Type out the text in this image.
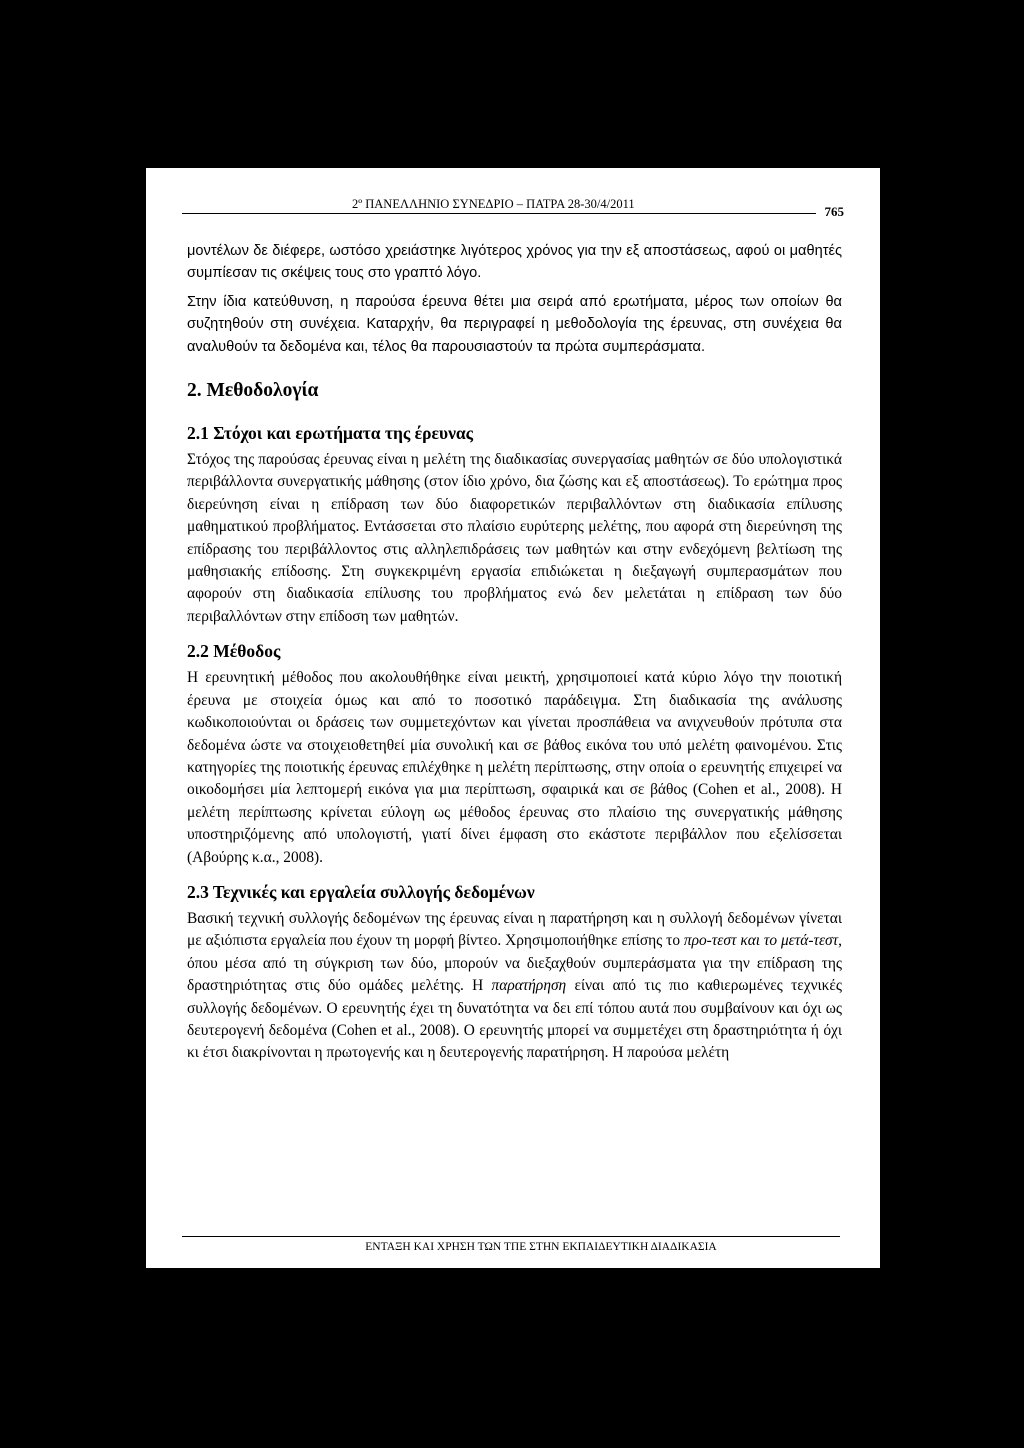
2º ΠΑΝΕΛΛΗΝΙΟ ΣΥΝΕΔΡΙΟ – ΠΑΤΡΑ 28-30/4/2011	765

μοντέλων δε διέφερε, ωστόσο χρειάστηκε λιγότερος χρόνος για την εξ αποστάσεως, αφού οι μαθητές συμπίεσαν τις σκέψεις τους στο γραπτό λόγο.

Στην ίδια κατεύθυνση, η παρούσα έρευνα θέτει μια σειρά από ερωτήματα, μέρος των οποίων θα συζητηθούν στη συνέχεια. Καταρχήν, θα περιγραφεί η μεθοδολογία της έρευνας, στη συνέχεια θα αναλυθούν τα δεδομένα και, τέλος θα παρουσιαστούν τα πρώτα συμπεράσματα.

2. Μεθοδολογία
2.1 Στόχοι και ερωτήματα της έρευνας

Στόχος της παρούσας έρευνας είναι η μελέτη της διαδικασίας συνεργασίας μαθητών σε δύο υπολογιστικά περιβάλλοντα συνεργατικής μάθησης (στον ίδιο χρόνο, δια ζώσης και εξ αποστάσεως). Το ερώτημα προς διερεύνηση είναι η επίδραση των δύο διαφορετικών περιβαλλόντων στη διαδικασία επίλυσης μαθηματικού προβλήματος. Εντάσσεται στο πλαίσιο ευρύτερης μελέτης, που αφορά στη διερεύνηση της επίδρασης του περιβάλλοντος στις αλληλεπιδράσεις των μαθητών και στην ενδεχόμενη βελτίωση της μαθησιακής επίδοσης. Στη συγκεκριμένη εργασία επιδιώκεται η διεξαγωγή συμπερασμάτων που αφορούν στη διαδικασία επίλυσης του προβλήματος ενώ δεν μελετάται η επίδραση των δύο περιβαλλόντων στην επίδοση των μαθητών.

2.2 Μέθοδος

Η ερευνητική μέθοδος που ακολουθήθηκε είναι μεικτή, χρησιμοποιεί κατά κύριο λόγο την ποιοτική έρευνα με στοιχεία όμως και από το ποσοτικό παράδειγμα. Στη διαδικασία της ανάλυσης κωδικοποιούνται οι δράσεις των συμμετεχόντων και γίνεται προσπάθεια να ανιχνευθούν πρότυπα στα δεδομένα ώστε να στοιχειοθετηθεί μία συνολική και σε βάθος εικόνα του υπό μελέτη φαινομένου. Στις κατηγορίες της ποιοτικής έρευνας επιλέχθηκε η μελέτη περίπτωσης, στην οποία ο ερευνητής επιχειρεί να οικοδομήσει μία λεπτομερή εικόνα για μια περίπτωση, σφαιρικά και σε βάθος (Cohen et al., 2008). Η μελέτη περίπτωσης κρίνεται εύλογη ως μέθοδος έρευνας στο πλαίσιο της συνεργατικής μάθησης υποστηριζόμενης από υπολογιστή, γιατί δίνει έμφαση στο εκάστοτε περιβάλλον που εξελίσσεται (Αβούρης κ.α., 2008).

2.3 Τεχνικές και εργαλεία συλλογής δεδομένων

Βασική τεχνική συλλογής δεδομένων της έρευνας είναι η παρατήρηση και η συλλογή δεδομένων γίνεται με αξιόπιστα εργαλεία που έχουν τη μορφή βίντεο. Χρησιμοποιήθηκε επίσης το προ-τεστ και το μετά-τεστ, όπου μέσα από τη σύγκριση των δύο, μπορούν να διεξαχθούν συμπεράσματα για την επίδραση της δραστηριότητας στις δύο ομάδες μελέτης. Η παρατήρηση είναι από τις πιο καθιερωμένες τεχνικές συλλογής δεδομένων. Ο ερευνητής έχει τη δυνατότητα να δει επί τόπου αυτά που συμβαίνουν και όχι ως δευτερογενή δεδομένα (Cohen et al., 2008). Ο ερευνητής μπορεί να συμμετέχει στη δραστηριότητα ή όχι κι έτσι διακρίνονται η πρωτογενής και η δευτερογενής παρατήρηση. Η παρούσα μελέτη

ΕΝΤΑΞΗ ΚΑΙ ΧΡΗΣΗ ΤΩΝ ΤΠΕ ΣΤΗΝ ΕΚΠΑΙΔΕΥΤΙΚΗ ΔΙΑΔΙΚΑΣΙΑ
